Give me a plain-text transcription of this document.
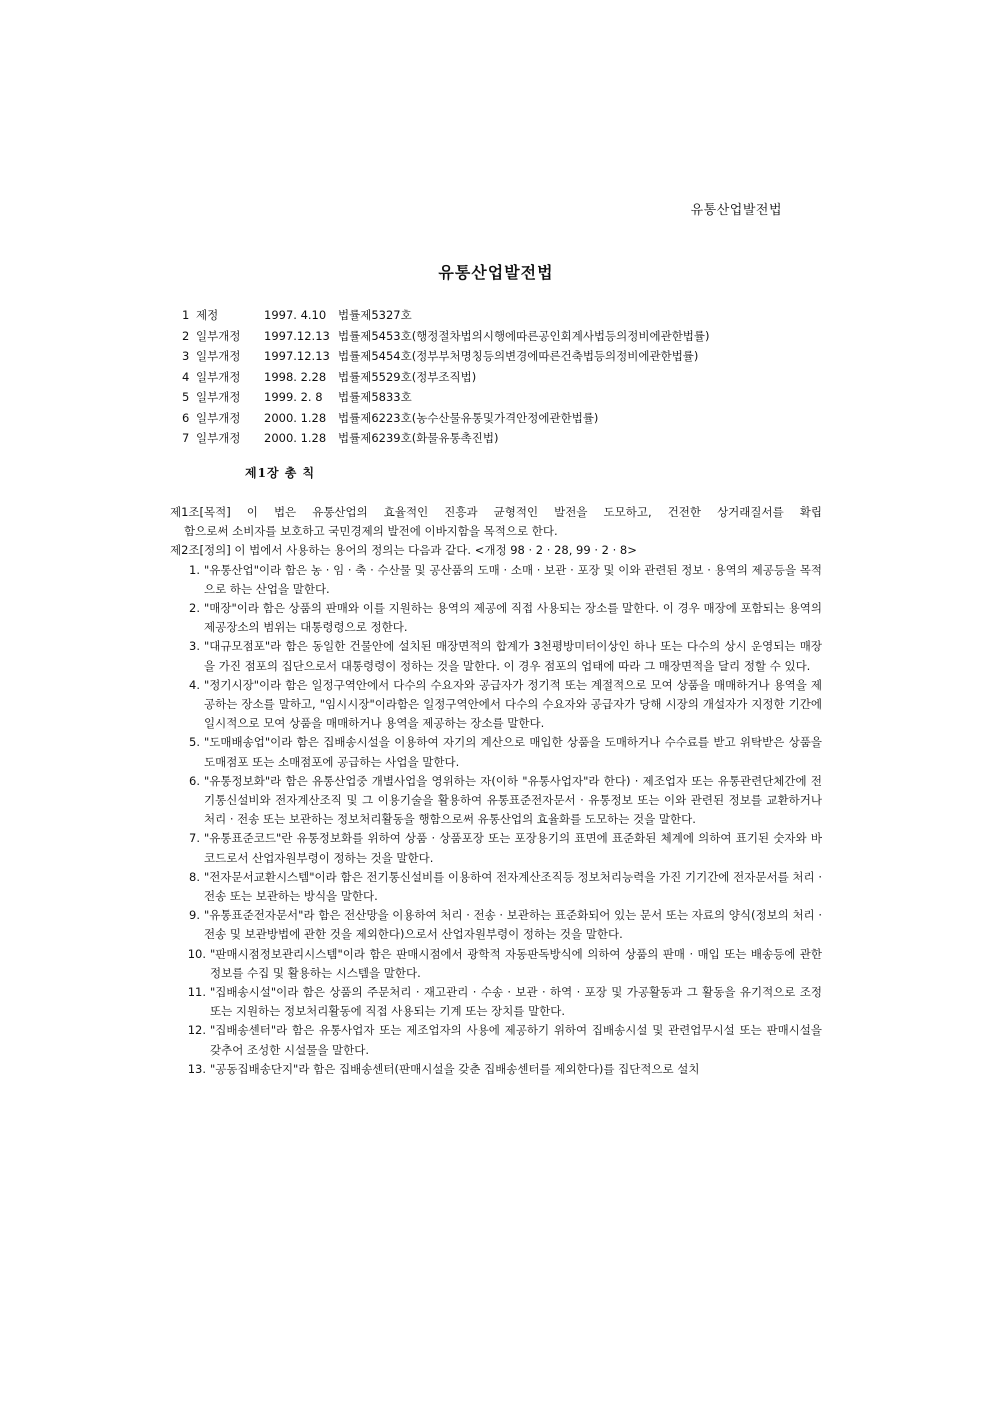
유통산업발전법
유통산업발전법
1 제정	1997. 4.10	법률제5327호
2 일부개정	1997.12.13 법률제5453호(행정절차법의시행에따른공인회계사법등의정비에관한법률)
3 일부개정	1997.12.13 법률제5454호(정부부처명칭등의변경에따른건축법등의정비에관한법률)
4 일부개정	1998. 2.28	법률제5529호(정부조직법)
5 일부개정	1999. 2. 8	법률제5833호
6 일부개정	2000. 1.28	법률제6223호(농수산물유통및가격안정에관한법률)
7 일부개정	2000. 1.28	법률제6239호(화물유통촉진법)
제1장 총 칙
제1조[목적] 이 법은 유통산업의 효율적인 진흥과 균형적인 발전을 도모하고, 건전한 상거래질서를 확립
함으로써 소비자를 보호하고 국민경제의 발전에 이바지함을 목적으로 한다.
제2조[정의] 이 법에서 사용하는 용어의 정의는 다음과 같다. <개정 98 · 2 · 28, 99 · 2 · 8>
1. "유통산업"이라 함은 농 · 임 · 축 · 수산물 및 공산품의 도매 · 소매 · 보관 · 포장 및 이와 관련된 정보 · 용역의 제공등을 목적으로 하는 산업을 말한다.
2. "매장"이라 함은 상품의 판매와 이를 지원하는 용역의 제공에 직접 사용되는 장소를 말한다. 이 경우 매장에 포함되는 용역의 제공장소의 범위는 대통령령으로 정한다.
3. "대규모점포"라 함은 동일한 건물안에 설치된 매장면적의 합계가 3천평방미터이상인 하나 또는 다수의 상시 운영되는 매장을 가진 점포의 집단으로서 대통령령이 정하는 것을 말한다. 이 경우 점포의 업태에 따라 그 매장면적을 달리 정할 수 있다.
4. "정기시장"이라 함은 일정구역안에서 다수의 수요자와 공급자가 정기적 또는 계절적으로 모여 상품을 매매하거나 용역을 제공하는 장소를 말하고, "임시시장"이라함은 일정구역안에서 다수의 수요자와 공급자가 당해 시장의 개설자가 지정한 기간에 일시적으로 모여 상품을 매매하거나 용역을 제공하는 장소를 말한다.
5. "도매배송업"이라 함은 집배송시설을 이용하여 자기의 계산으로 매입한 상품을 도매하거나 수수료를 받고 위탁받은 상품을 도매점포 또는 소매점포에 공급하는 사업을 말한다.
6. "유통정보화"라 함은 유통산업중 개별사업을 영위하는 자(이하 "유통사업자"라 한다) · 제조업자 또는 유통관련단체간에 전기통신설비와 전자계산조직 및 그 이용기술을 활용하여 유통표준전자문서 · 유통정보 또는 이와 관련된 정보를 교환하거나 처리 · 전송 또는 보관하는 정보처리활동을 행함으로써 유통산업의 효율화를 도모하는 것을 말한다.
7. "유통표준코드"란 유통정보화를 위하여 상품 · 상품포장 또는 포장용기의 표면에 표준화된 체계에 의하여 표기된 숫자와 바코드로서 산업자원부령이 정하는 것을 말한다.
8. "전자문서교환시스템"이라 함은 전기통신설비를 이용하여 전자계산조직등 정보처리능력을 가진 기기간에 전자문서를 처리 · 전송 또는 보관하는 방식을 말한다.
9. "유통표준전자문서"라 함은 전산망을 이용하여 처리 · 전송 · 보관하는 표준화되어 있는 문서 또는 자료의 양식(정보의 처리 · 전송 및 보관방법에 관한 것을 제외한다)으로서 산업자원부령이 정하는 것을 말한다.
10. "판매시점정보관리시스템"이라 함은 판매시점에서 광학적 자동판독방식에 의하여 상품의 판매 · 매입 또는 배송등에 관한 정보를 수집 및 활용하는 시스템을 말한다.
11. "집배송시설"이라 함은 상품의 주문처리 · 재고관리 · 수송 · 보관 · 하역 · 포장 및 가공활동과 그 활동을 유기적으로 조정 또는 지원하는 정보처리활동에 직접 사용되는 기계 또는 장치를 말한다.
12. "집배송센터"라 함은 유통사업자 또는 제조업자의 사용에 제공하기 위하여 집배송시설 및 관련업무시설 또는 판매시설을 갖추어 조성한 시설물을 말한다.
13. "공동집배송단지"라 함은 집배송센터(판매시설을 갖춘 집배송센터를 제외한다)를 집단적으로 설치
